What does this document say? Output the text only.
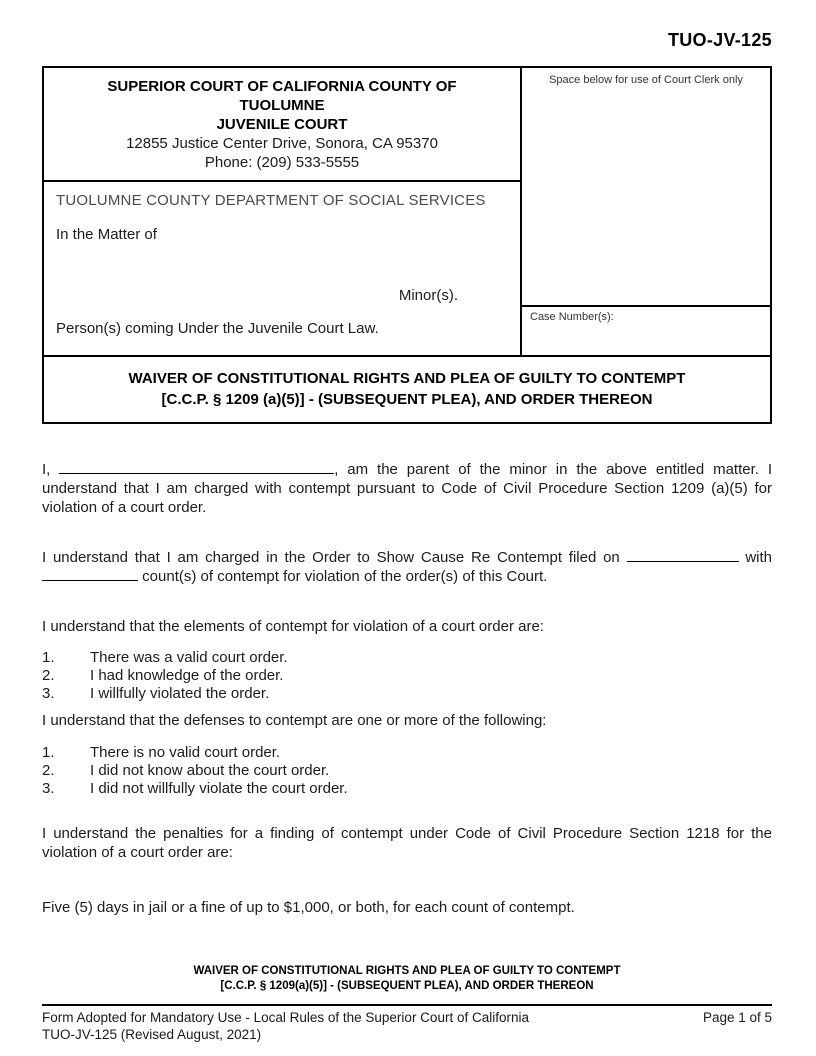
TUO-JV-125
SUPERIOR COURT OF CALIFORNIA COUNTY OF
TUOLUMNE
JUVENILE COURT
12855 Justice Center Drive, Sonora, CA 95370
Phone: (209) 533-5555
TUOLUMNE COUNTY DEPARTMENT OF SOCIAL SERVICES
In the Matter of
Minor(s).
Person(s) coming Under the Juvenile Court Law.
Space below for use of Court Clerk only
Case Number(s):
WAIVER OF CONSTITUTIONAL RIGHTS AND PLEA OF GUILTY TO CONTEMPT
[C.C.P. § 1209 (a)(5)] - (SUBSEQUENT PLEA), AND ORDER THEREON

I,	, am the parent of the minor in the above entitled matter. I understand that I am charged with contempt pursuant to Code of Civil Procedure Section 1209 (a)(5) for violation of a court order.

I understand that I am charged in the Order to Show Cause Re Contempt filed on	with  count(s) of contempt for violation of the order(s) of this Court.

I understand that the elements of contempt for violation of a court order are:

1.	There was a valid court order.
2.	I had knowledge of the order.
3.	I willfully violated the order.

I understand that the defenses to contempt are one or more of the following:

1.	There is no valid court order.
2.	I did not know about the court order.
3.	I did not willfully violate the court order.

I understand the penalties for a finding of contempt under Code of Civil Procedure Section 1218 for the violation of a court order are:

Five (5) days in jail or a fine of up to $1,000, or both, for each count of contempt.

WAIVER OF CONSTITUTIONAL RIGHTS AND PLEA OF GUILTY TO CONTEMPT
[C.C.P. § 1209(a)(5)] - (SUBSEQUENT PLEA), AND ORDER THEREON
Form Adopted for Mandatory Use - Local Rules of the Superior Court of California	Page 1 of 5
TUO-JV-125 (Revised August, 2021)
